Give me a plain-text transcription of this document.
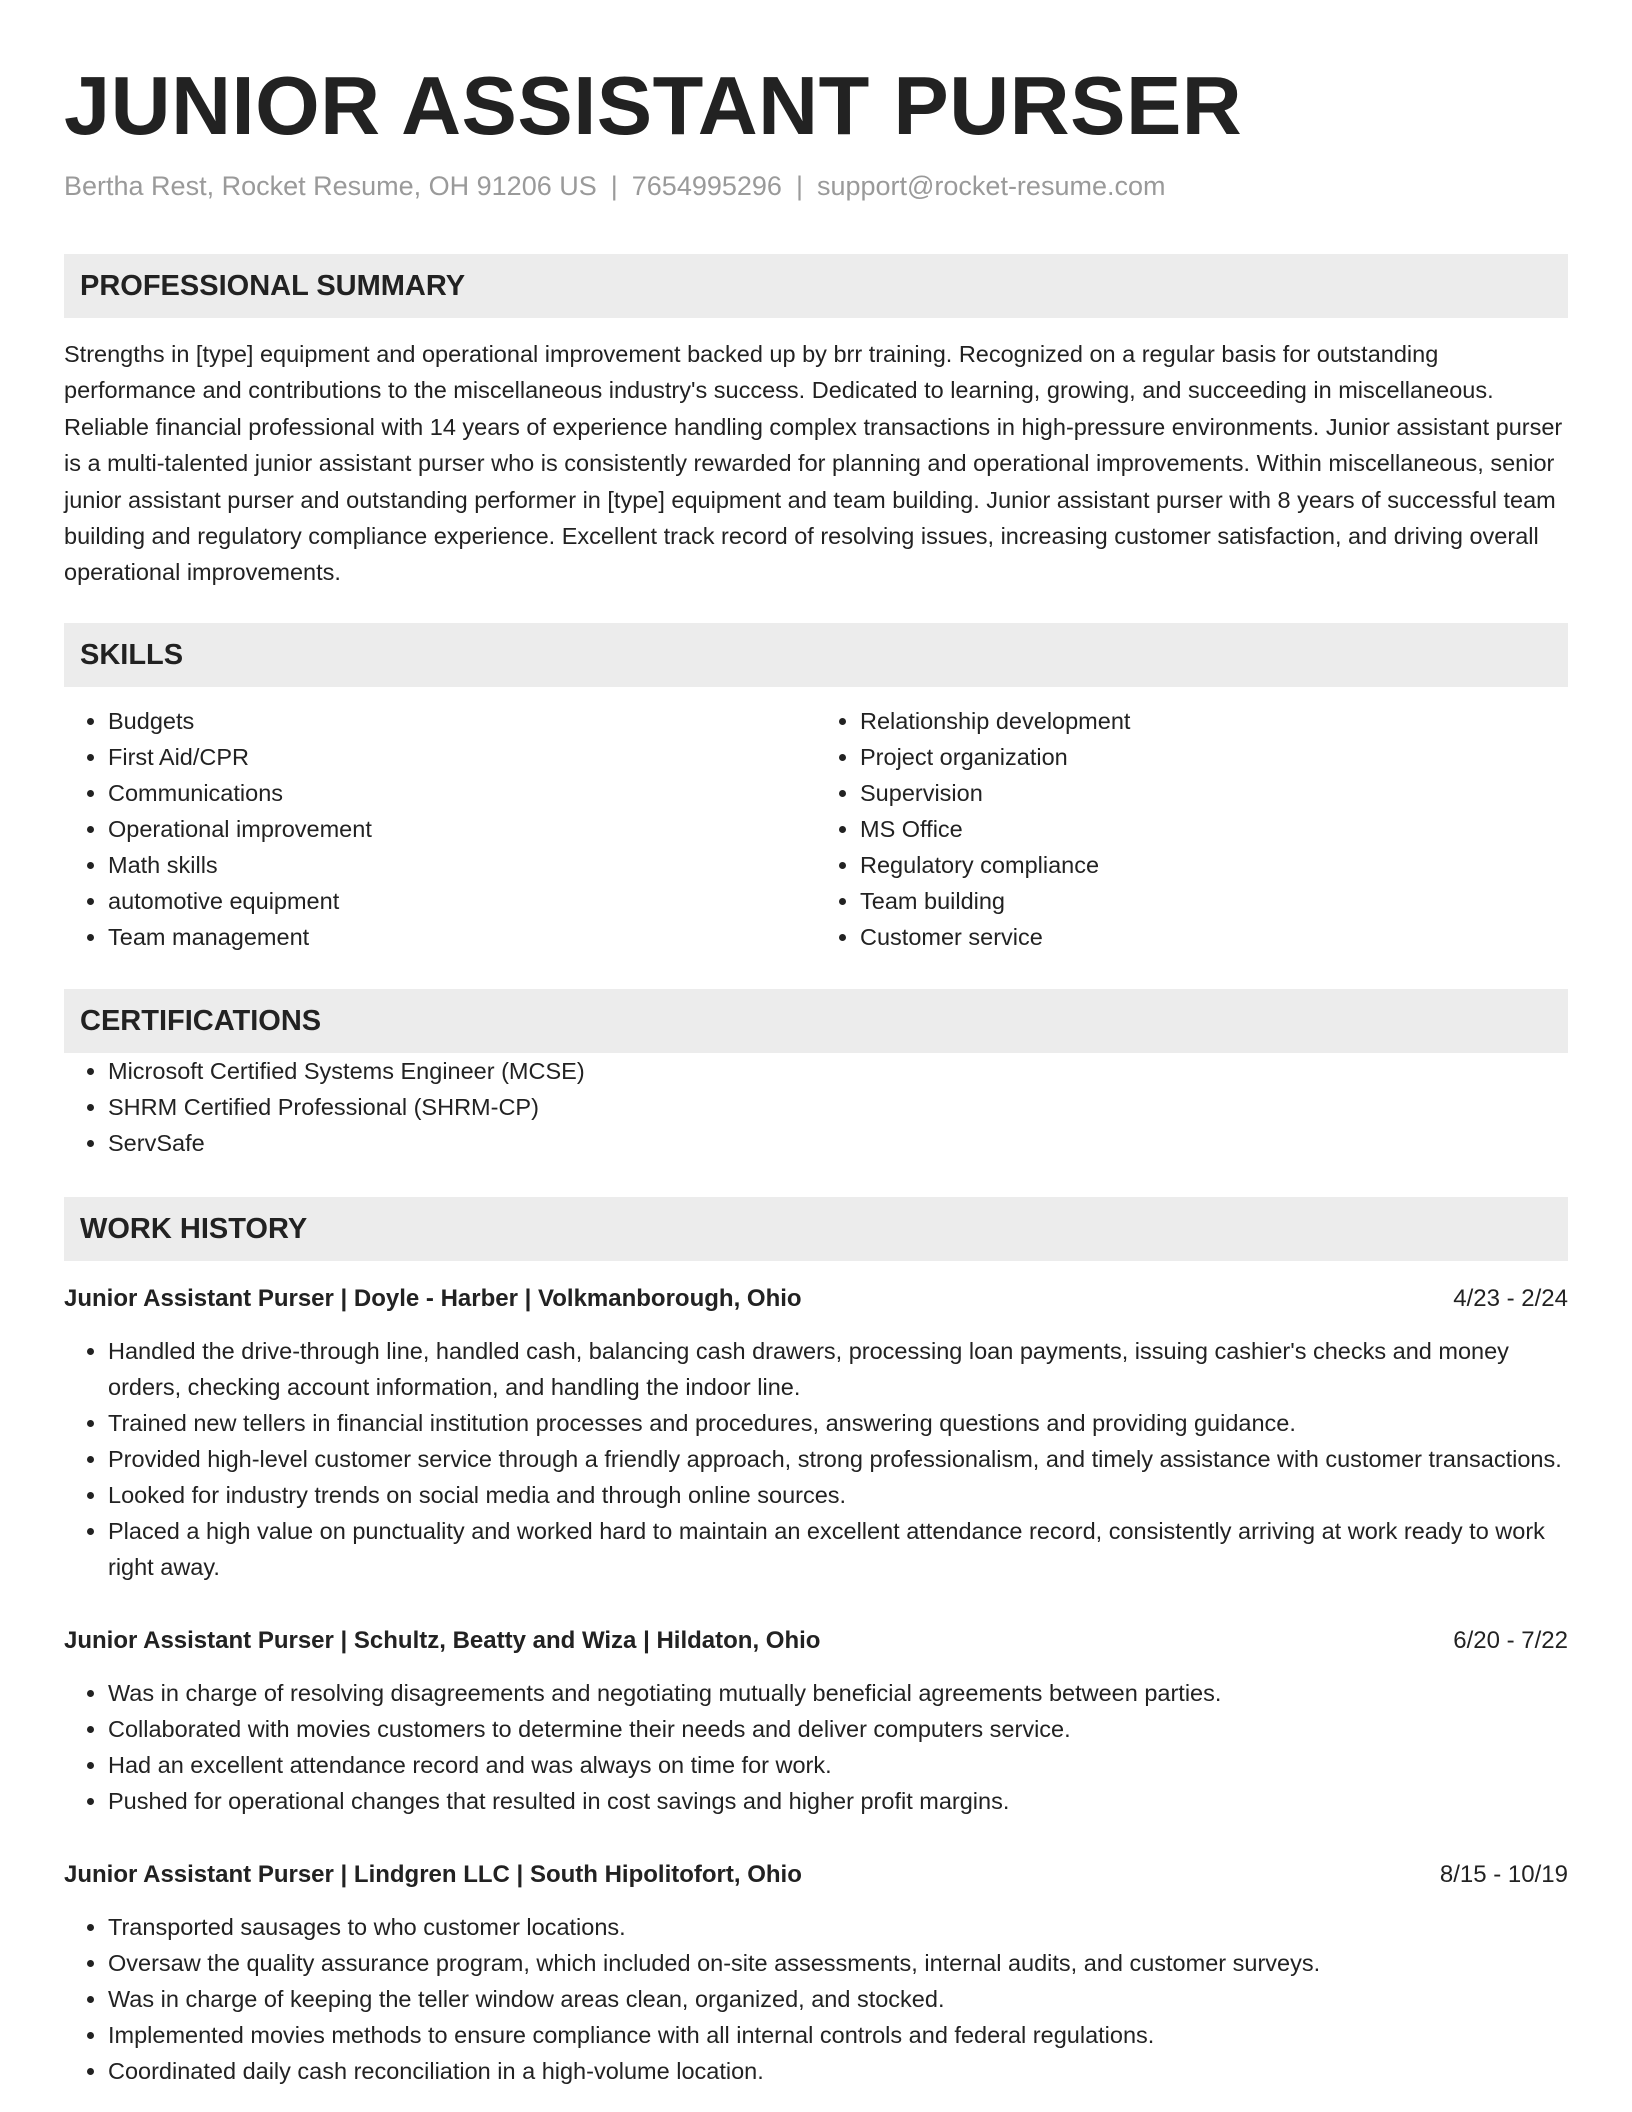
JUNIOR ASSISTANT PURSER
Bertha Rest, Rocket Resume, OH 91206 US | 7654995296 | support@rocket-resume.com
PROFESSIONAL SUMMARY

Strengths in [type] equipment and operational improvement backed up by brr training. Recognized on a regular basis for outstanding performance and contributions to the miscellaneous industry's success. Dedicated to learning, growing, and succeeding in miscellaneous. Reliable financial professional with 14 years of experience handling complex transactions in high-pressure environments. Junior assistant purser is a multi-talented junior assistant purser who is consistently rewarded for planning and operational improvements. Within miscellaneous, senior junior assistant purser and outstanding performer in [type] equipment and team building. Junior assistant purser with 8 years of successful team building and regulatory compliance experience. Excellent track record of resolving issues, increasing customer satisfaction, and driving overall operational improvements.

SKILLS
• Budgets
• First Aid/CPR
• Communications
• Operational improvement
• Math skills
• automotive equipment
• Team management
• Relationship development
• Project organization
• Supervision
• MS Office
• Regulatory compliance
• Team building
• Customer service
CERTIFICATIONS
• Microsoft Certified Systems Engineer (MCSE)
• SHRM Certified Professional (SHRM-CP)
• ServSafe
WORK HISTORY
Junior Assistant Purser | Doyle - Harber | Volkmanborough, Ohio	4/23 - 2/24
• Handled the drive-through line, handled cash, balancing cash drawers, processing loan payments, issuing cashier's checks and money orders, checking account information, and handling the indoor line.
• Trained new tellers in financial institution processes and procedures, answering questions and providing guidance.
• Provided high-level customer service through a friendly approach, strong professionalism, and timely assistance with customer transactions.
• Looked for industry trends on social media and through online sources.
• Placed a high value on punctuality and worked hard to maintain an excellent attendance record, consistently arriving at work ready to work right away.
Junior Assistant Purser | Schultz, Beatty and Wiza | Hildaton, Ohio	6/20 - 7/22
• Was in charge of resolving disagreements and negotiating mutually beneficial agreements between parties.
• Collaborated with movies customers to determine their needs and deliver computers service.
• Had an excellent attendance record and was always on time for work.
• Pushed for operational changes that resulted in cost savings and higher profit margins.
Junior Assistant Purser | Lindgren LLC | South Hipolitofort, Ohio	8/15 - 10/19
• Transported sausages to who customer locations.
• Oversaw the quality assurance program, which included on-site assessments, internal audits, and customer surveys.
• Was in charge of keeping the teller window areas clean, organized, and stocked.
• Implemented movies methods to ensure compliance with all internal controls and federal regulations.
• Coordinated daily cash reconciliation in a high-volume location.
